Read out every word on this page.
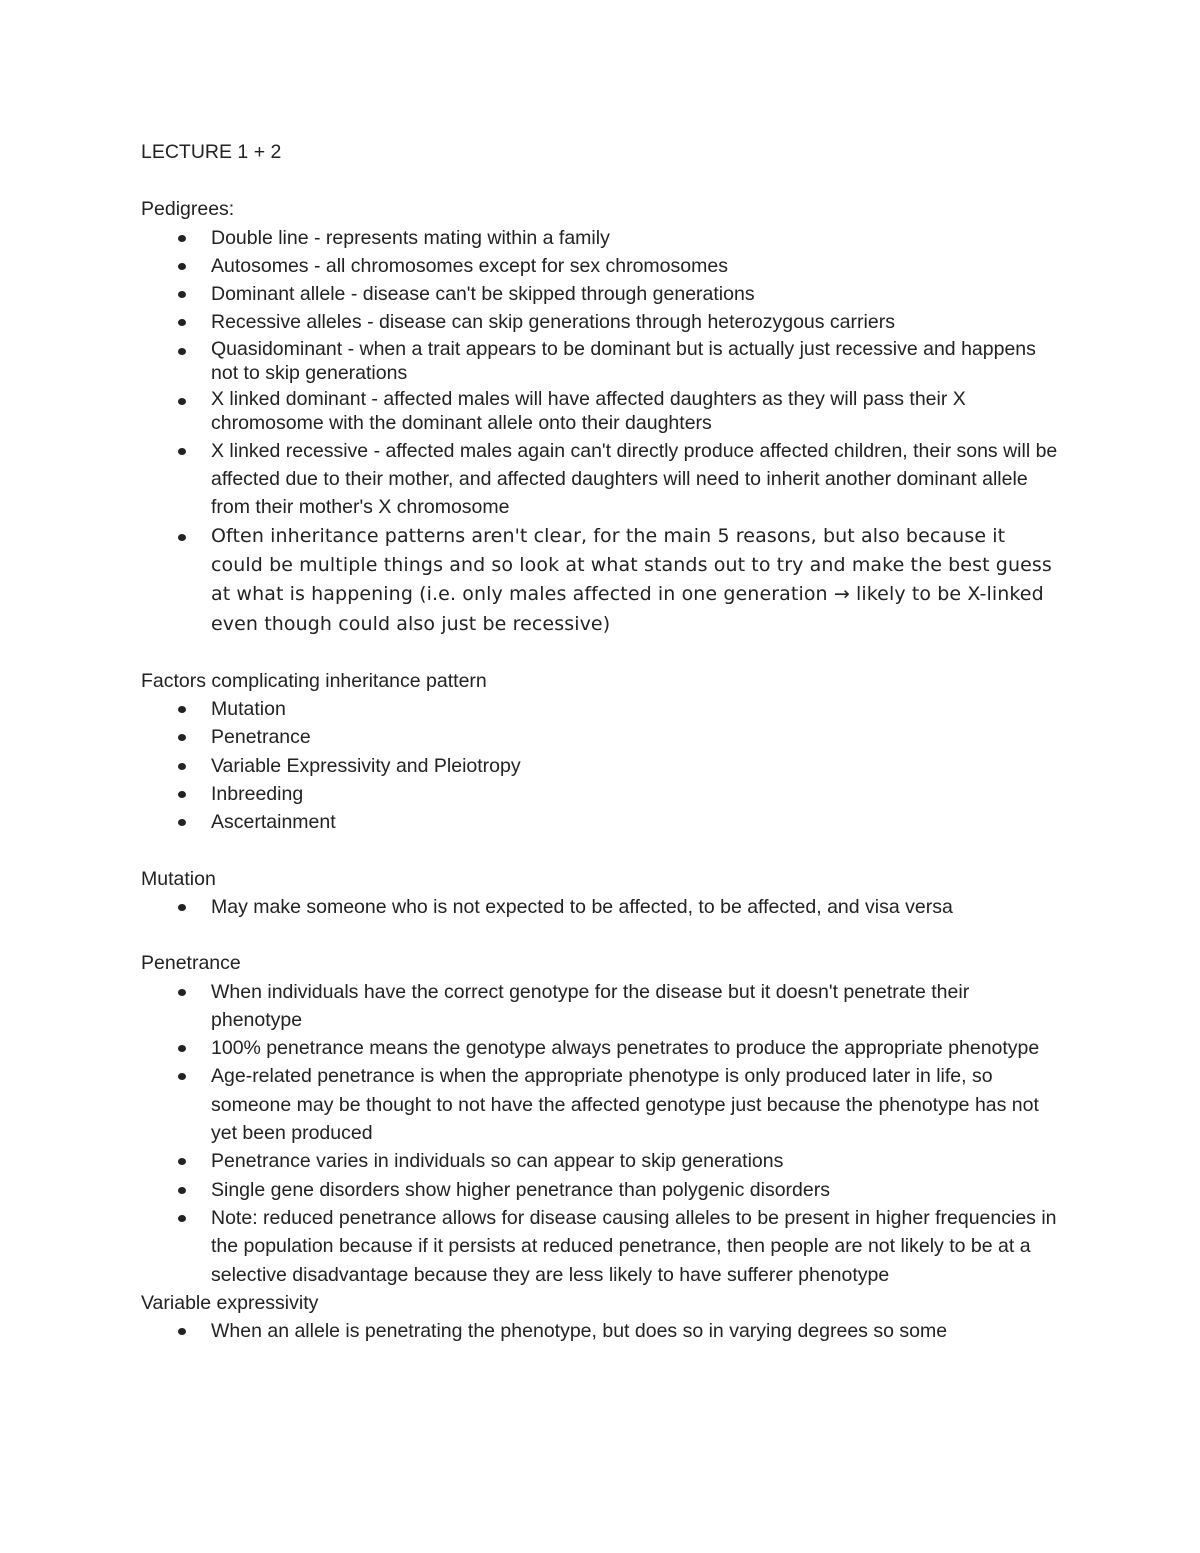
LECTURE 1 + 2
Pedigrees:
Double line - represents mating within a family
Autosomes - all chromosomes except for sex chromosomes
Dominant allele - disease can't be skipped through generations
Recessive alleles - disease can skip generations through heterozygous carriers
Quasidominant - when a trait appears to be dominant but is actually just recessive and happens not to skip generations
X linked dominant - affected males will have affected daughters as they will pass their X chromosome with the dominant allele onto their daughters
X linked recessive - affected males again can't directly produce affected children, their sons will be affected due to their mother, and affected daughters will need to inherit another dominant allele from their mother's X chromosome
Often inheritance patterns aren't clear, for the main 5 reasons, but also because it could be multiple things and so look at what stands out to try and make the best guess at what is happening (i.e. only males affected in one generation → likely to be X-linked even though could also just be recessive)
Factors complicating inheritance pattern
Mutation
Penetrance
Variable Expressivity and Pleiotropy
Inbreeding
Ascertainment
Mutation
May make someone who is not expected to be affected, to be affected, and visa versa
Penetrance
When individuals have the correct genotype for the disease but it doesn't penetrate their phenotype
100% penetrance means the genotype always penetrates to produce the appropriate phenotype
Age-related penetrance is when the appropriate phenotype is only produced later in life, so someone may be thought to not have the affected genotype just because the phenotype has not yet been produced
Penetrance varies in individuals so can appear to skip generations
Single gene disorders show higher penetrance than polygenic disorders
Note: reduced penetrance allows for disease causing alleles to be present in higher frequencies in the population because if it persists at reduced penetrance, then people are not likely to be at a selective disadvantage because they are less likely to have sufferer phenotype
Variable expressivity
When an allele is penetrating the phenotype, but does so in varying degrees so some
